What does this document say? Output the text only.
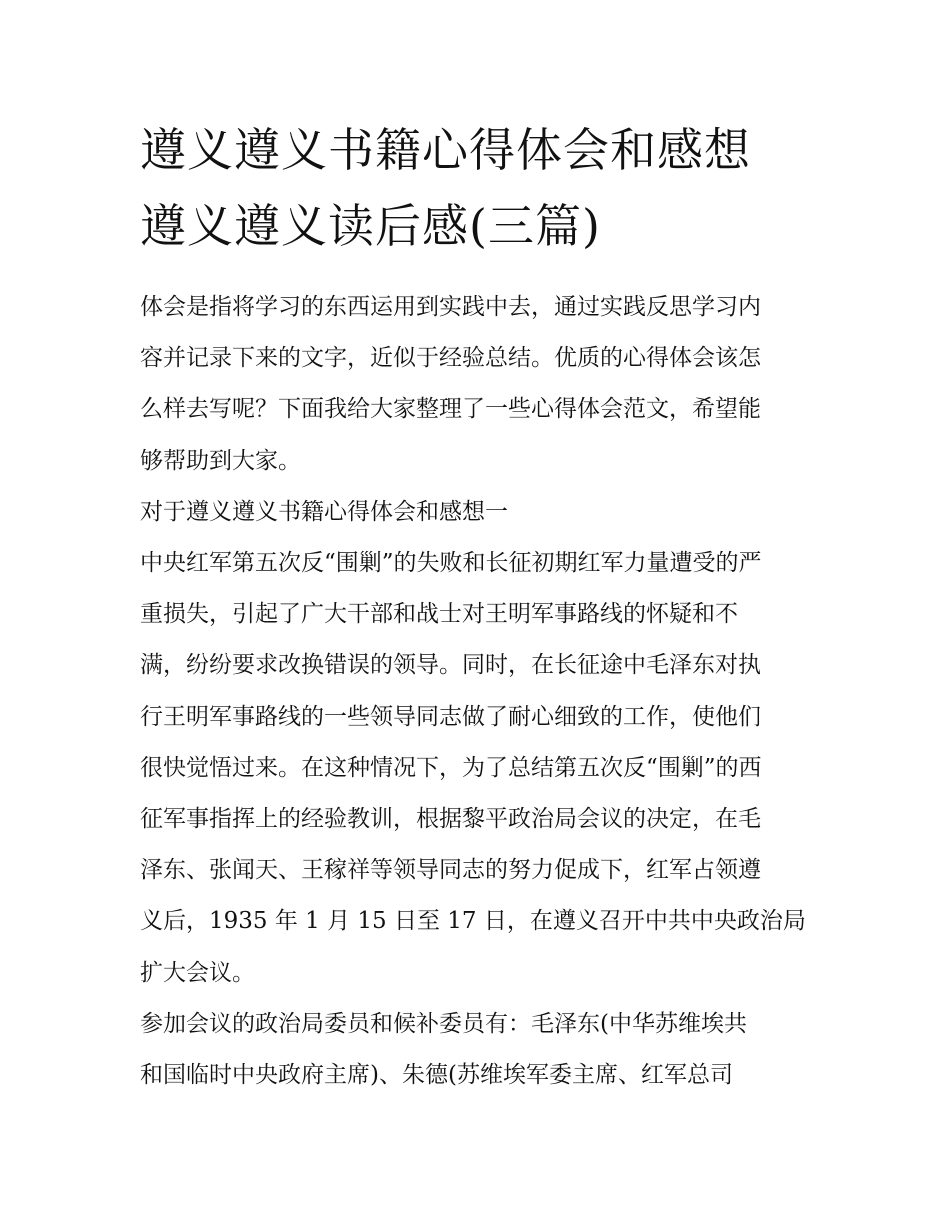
遵义遵义书籍心得体会和感想
遵义遵义读后感(三篇)

体会是指将学习的东西运用到实践中去，通过实践反思学习内
容并记录下来的文字，近似于经验总结。优质的心得体会该怎
么样去写呢？下面我给大家整理了一些心得体会范文，希望能
够帮助到大家。

对于遵义遵义书籍心得体会和感想一

中央红军第五次反“围剿”的失败和长征初期红军力量遭受的严
重损失，引起了广大干部和战士对王明军事路线的怀疑和不
满，纷纷要求改换错误的领导。同时，在长征途中毛泽东对执
行王明军事路线的一些领导同志做了耐心细致的工作，使他们
很快觉悟过来。在这种情况下，为了总结第五次反“围剿”的西
征军事指挥上的经验教训，根据黎平政治局会议的决定，在毛
泽东、张闻天、王稼祥等领导同志的努力促成下，红军占领遵
义后，1935 年 1 月 15 日至 17 日，在遵义召开中共中央政治局
扩大会议。

参加会议的政治局委员和候补委员有：毛泽东(中华苏维埃共
和国临时中央政府主席)、朱德(苏维埃军委主席、红军总司
